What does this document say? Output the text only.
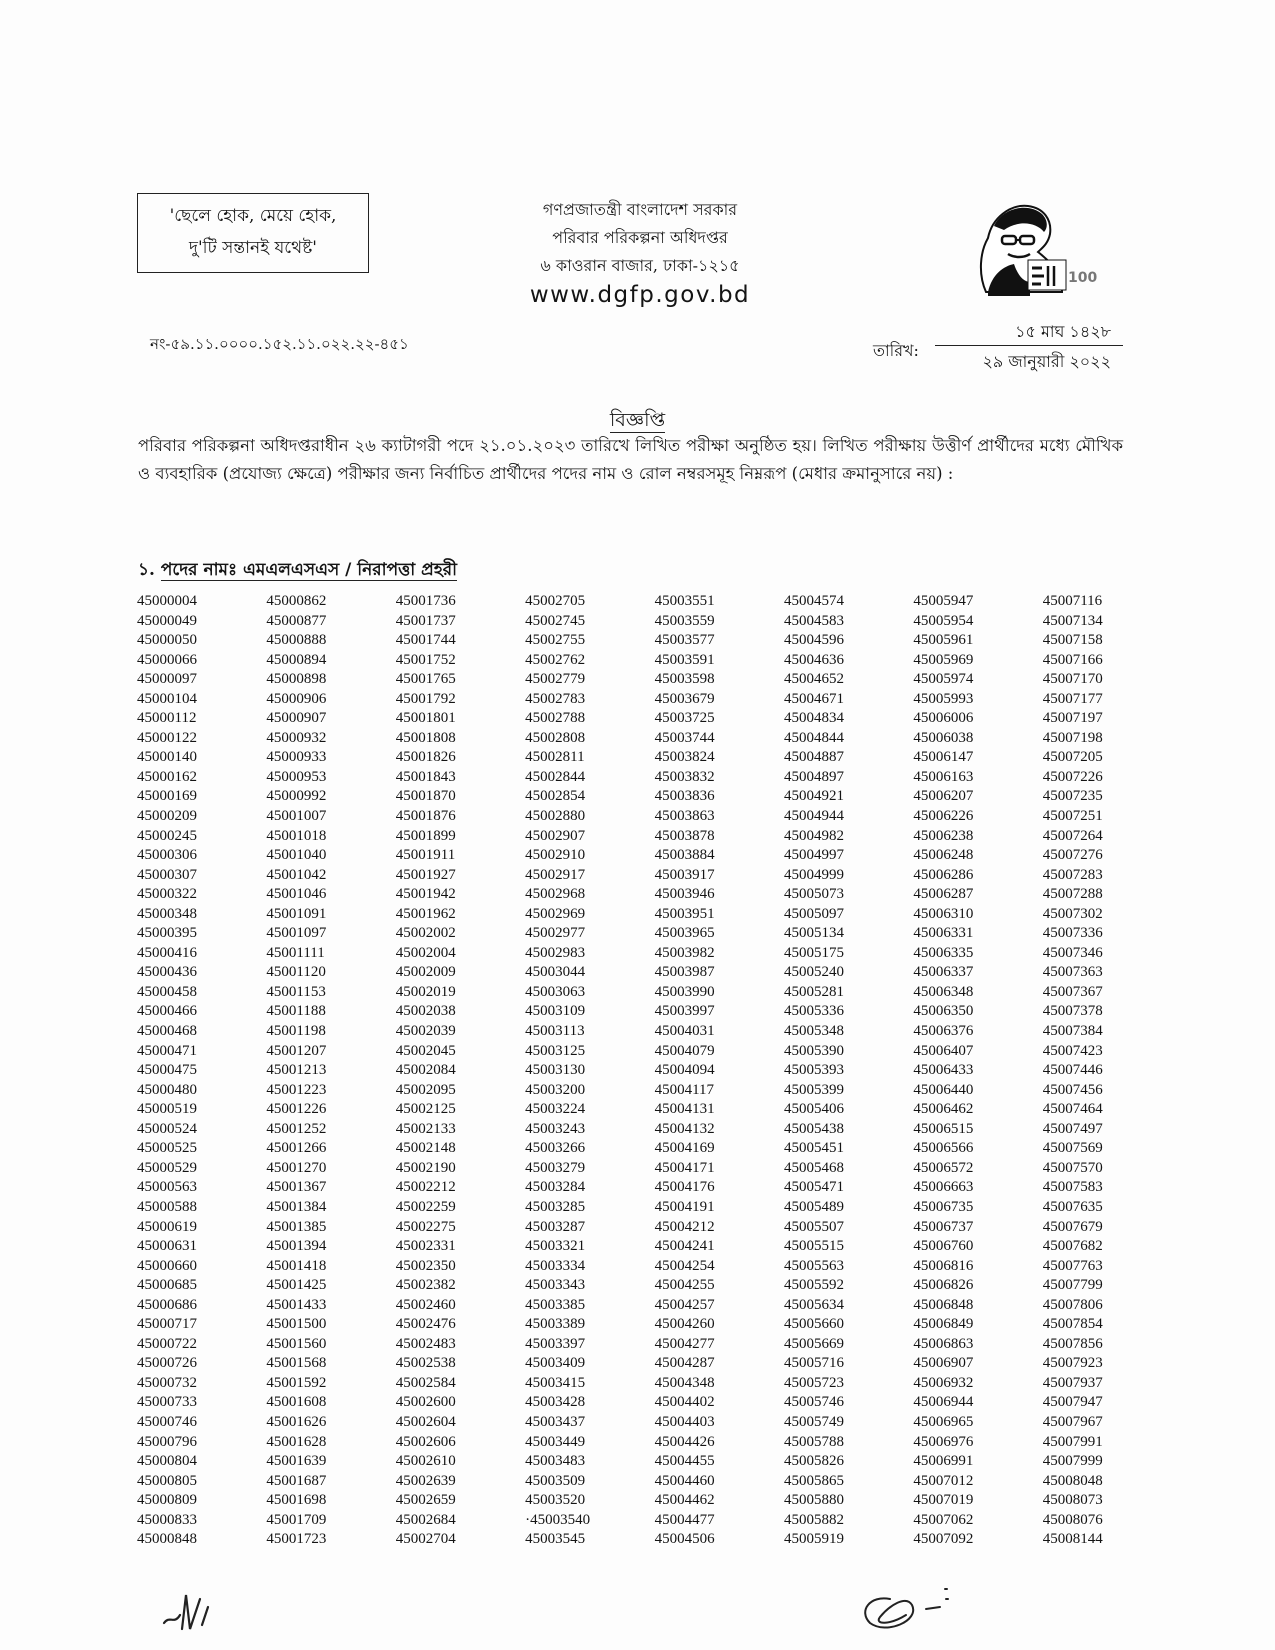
'ছেলে হোক, মেয়ে হোক,
দু'টি সন্তানই যথেষ্ট'
গণপ্রজাতন্ত্রী বাংলাদেশ সরকার
পরিবার পরিকল্পনা অধিদপ্তর
৬ কাওরান বাজার, ঢাকা-১২১৫
www.dgfp.gov.bd
100
নং-৫৯.১১.০০০০.১৫২.১১.০২২.২২-৪৫১
১৫ মাঘ ১৪২৮
তারিখ:
২৯ জানুয়ারী ২০২২
বিজ্ঞপ্তি
পরিবার পরিকল্পনা অধিদপ্তরাধীন ২৬ ক্যাটাগরী পদে ২১.০১.২০২৩ তারিখে লিখিত পরীক্ষা অনুষ্ঠিত হয়। লিখিত পরীক্ষায় উত্তীর্ণ প্রার্থীদের মধ্যে মৌখিক ও ব্যবহারিক (প্রযোজ্য ক্ষেত্রে) পরীক্ষার জন্য নির্বাচিত প্রার্থীদের পদের নাম ও রোল নম্বরসমূহ নিম্নরূপ (মেধার ক্রমানুসারে নয়) :
১. পদের নামঃ এমএলএসএস / নিরাপত্তা প্রহরী
45000004
45000049
45000050
45000066
45000097
45000104
45000112
45000122
45000140
45000162
45000169
45000209
45000245
45000306
45000307
45000322
45000348
45000395
45000416
45000436
45000458
45000466
45000468
45000471
45000475
45000480
45000519
45000524
45000525
45000529
45000563
45000588
45000619
45000631
45000660
45000685
45000686
45000717
45000722
45000726
45000732
45000733
45000746
45000796
45000804
45000805
45000809
45000833
45000848
45000862
45000877
45000888
45000894
45000898
45000906
45000907
45000932
45000933
45000953
45000992
45001007
45001018
45001040
45001042
45001046
45001091
45001097
45001111
45001120
45001153
45001188
45001198
45001207
45001213
45001223
45001226
45001252
45001266
45001270
45001367
45001384
45001385
45001394
45001418
45001425
45001433
45001500
45001560
45001568
45001592
45001608
45001626
45001628
45001639
45001687
45001698
45001709
45001723
45001736
45001737
45001744
45001752
45001765
45001792
45001801
45001808
45001826
45001843
45001870
45001876
45001899
45001911
45001927
45001942
45001962
45002002
45002004
45002009
45002019
45002038
45002039
45002045
45002084
45002095
45002125
45002133
45002148
45002190
45002212
45002259
45002275
45002331
45002350
45002382
45002460
45002476
45002483
45002538
45002584
45002600
45002604
45002606
45002610
45002639
45002659
45002684
45002704
45002705
45002745
45002755
45002762
45002779
45002783
45002788
45002808
45002811
45002844
45002854
45002880
45002907
45002910
45002917
45002968
45002969
45002977
45002983
45003044
45003063
45003109
45003113
45003125
45003130
45003200
45003224
45003243
45003266
45003279
45003284
45003285
45003287
45003321
45003334
45003343
45003385
45003389
45003397
45003409
45003415
45003428
45003437
45003449
45003483
45003509
45003520
·45003540
45003545
45003551
45003559
45003577
45003591
45003598
45003679
45003725
45003744
45003824
45003832
45003836
45003863
45003878
45003884
45003917
45003946
45003951
45003965
45003982
45003987
45003990
45003997
45004031
45004079
45004094
45004117
45004131
45004132
45004169
45004171
45004176
45004191
45004212
45004241
45004254
45004255
45004257
45004260
45004277
45004287
45004348
45004402
45004403
45004426
45004455
45004460
45004462
45004477
45004506
45004574
45004583
45004596
45004636
45004652
45004671
45004834
45004844
45004887
45004897
45004921
45004944
45004982
45004997
45004999
45005073
45005097
45005134
45005175
45005240
45005281
45005336
45005348
45005390
45005393
45005399
45005406
45005438
45005451
45005468
45005471
45005489
45005507
45005515
45005563
45005592
45005634
45005660
45005669
45005716
45005723
45005746
45005749
45005788
45005826
45005865
45005880
45005882
45005919
45005947
45005954
45005961
45005969
45005974
45005993
45006006
45006038
45006147
45006163
45006207
45006226
45006238
45006248
45006286
45006287
45006310
45006331
45006335
45006337
45006348
45006350
45006376
45006407
45006433
45006440
45006462
45006515
45006566
45006572
45006663
45006735
45006737
45006760
45006816
45006826
45006848
45006849
45006863
45006907
45006932
45006944
45006965
45006976
45006991
45007012
45007019
45007062
45007092
45007116
45007134
45007158
45007166
45007170
45007177
45007197
45007198
45007205
45007226
45007235
45007251
45007264
45007276
45007283
45007288
45007302
45007336
45007346
45007363
45007367
45007378
45007384
45007423
45007446
45007456
45007464
45007497
45007569
45007570
45007583
45007635
45007679
45007682
45007763
45007799
45007806
45007854
45007856
45007923
45007937
45007947
45007967
45007991
45007999
45008048
45008073
45008076
45008144
